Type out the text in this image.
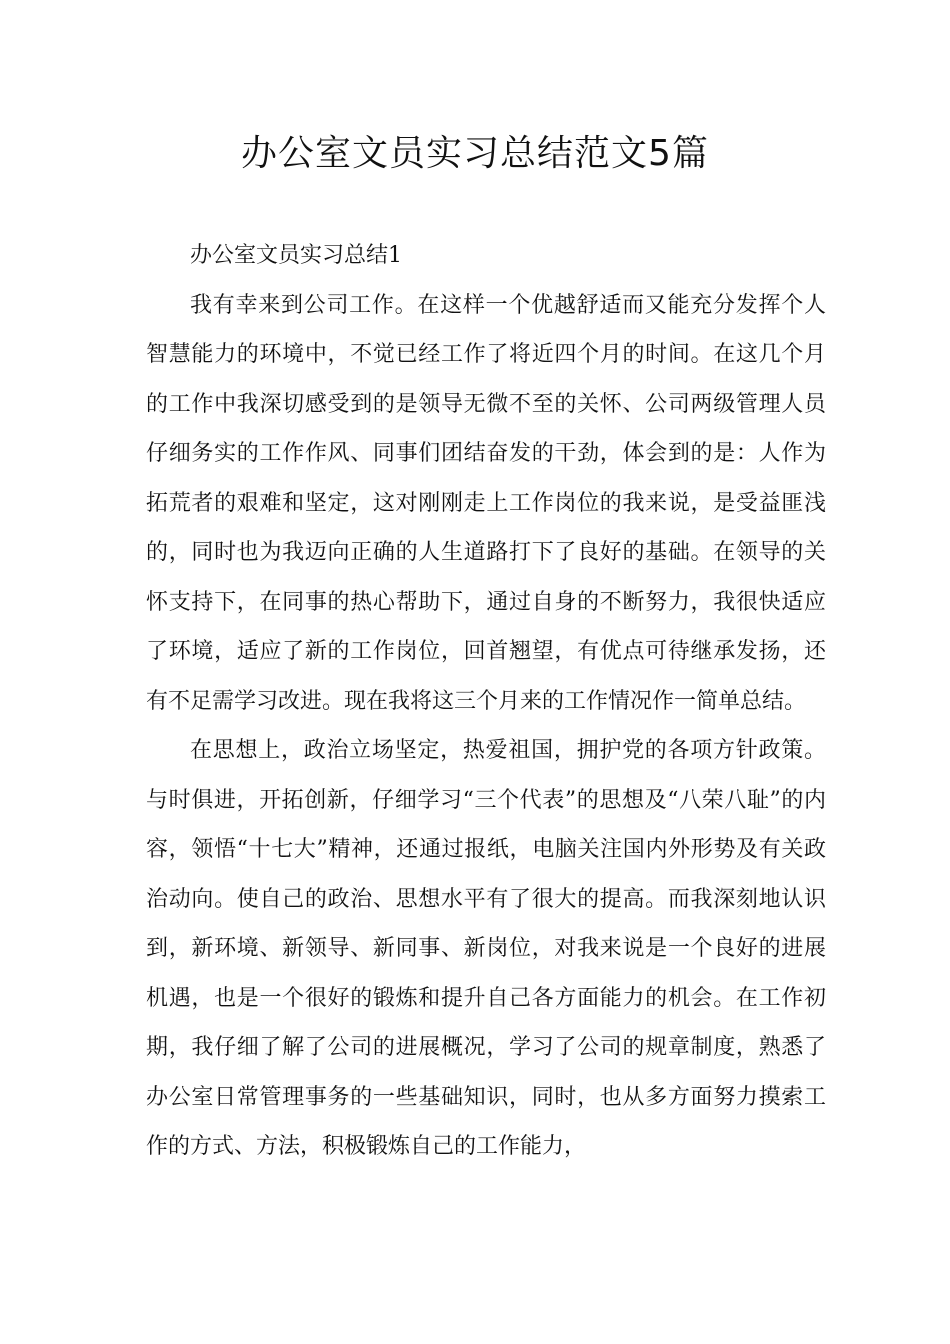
办公室文员实习总结范文5篇

办公室文员实习总结1

我有幸来到公司工作。在这样一个优越舒适而又能充分发挥个人智慧能力的环境中，不觉已经工作了将近四个月的时间。在这几个月的工作中我深切感受到的是领导无微不至的关怀、公司两级管理人员仔细务实的工作作风、同事们团结奋发的干劲，体会到的是：人作为拓荒者的艰难和坚定，这对刚刚走上工作岗位的我来说，是受益匪浅的，同时也为我迈向正确的人生道路打下了良好的基础。在领导的关怀支持下，在同事的热心帮助下，通过自身的不断努力，我很快适应了环境，适应了新的工作岗位，回首翘望，有优点可待继承发扬，还有不足需学习改进。现在我将这三个月来的工作情况作一简单总结。

在思想上，政治立场坚定，热爱祖国，拥护党的各项方针政策。与时俱进，开拓创新，仔细学习“三个代表”的思想及“八荣八耻”的内容，领悟“十七大”精神，还通过报纸，电脑关注国内外形势及有关政治动向。使自己的政治、思想水平有了很大的提高。而我深刻地认识到，新环境、新领导、新同事、新岗位，对我来说是一个良好的进展机遇，也是一个很好的锻炼和提升自己各方面能力的机会。在工作初期，我仔细了解了公司的进展概况，学习了公司的规章制度，熟悉了办公室日常管理事务的一些基础知识，同时，也从多方面努力摸索工作的方式、方法，积极锻炼自己的工作能力，
